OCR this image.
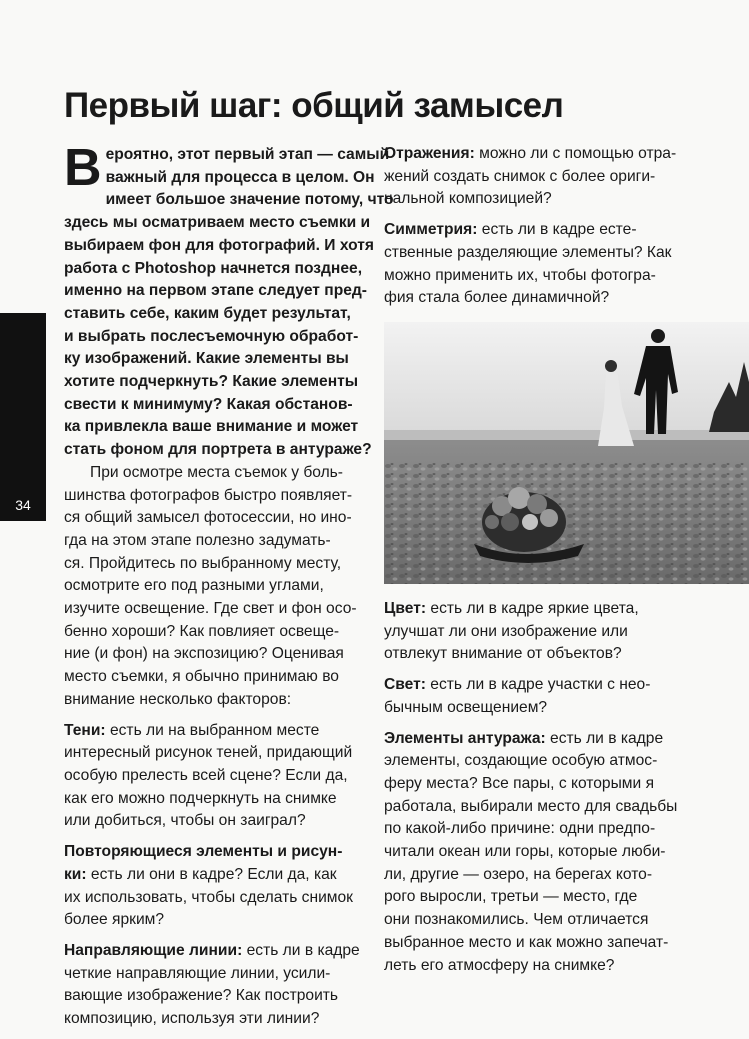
Первый шаг: общий замысел
34

В ероятно, этот первый этап — самый
важный для процесса в целом. Он
имеет большое значение потому, что
здесь мы осматриваем место съемки и
выбираем фон для фотографий. И хотя
работа с Photoshop начнется позднее,
именно на первом этапе следует пред-
ставить себе, каким будет результат,
и выбрать послесъемочную обработ-
ку изображений. Какие элементы вы
хотите подчеркнуть? Какие элементы
свести к минимуму? Какая обстанов-
ка привлекла ваше внимание и может
стать фоном для портрета в антураже?

При осмотре места съемок у боль-
шинства фотографов быстро появляет-
ся общий замысел фотосессии, но ино-
гда на этом этапе полезно задумать-
ся. Пройдитесь по выбранному месту,
осмотрите его под разными углами,
изучите освещение. Где свет и фон осо-
бенно хороши? Как повлияет освеще-
ние (и фон) на экспозицию? Оценивая
место съемки, я обычно принимаю во
внимание несколько факторов:

Тени: есть ли на выбранном месте
интересный рисунок теней, придающий
особую прелесть всей сцене? Если да,
как его можно подчеркнуть на снимке
или добиться, чтобы он заиграл?

Повторяющиеся элементы и рисун-
ки: есть ли они в кадре? Если да, как
их использовать, чтобы сделать снимок
более ярким?

Направляющие линии: есть ли в кадре
четкие направляющие линии, усили-
вающие изображение? Как построить
композицию, используя эти линии?

Отражения: можно ли с помощью отра-
жений создать снимок с более ориги-
нальной композицией?

Симметрия: есть ли в кадре есте-
ственные разделяющие элементы? Как
можно применить их, чтобы фотогра-
фия стала более динамичной?

Цвет: есть ли в кадре яркие цвета,
улучшат ли они изображение или
отвлекут внимание от объектов?

Свет: есть ли в кадре участки с нео-
бычным освещением?

Элементы антуража: есть ли в кадре
элементы, создающие особую атмос-
феру места? Все пары, с которыми я
работала, выбирали место для свадьбы
по какой-либо причине: одни предпо-
читали океан или горы, которые люби-
ли, другие — озеро, на берегах кото-
рого выросли, третьи — место, где
они познакомились. Чем отличается
выбранное место и как можно запечат-
леть его атмосферу на снимке?
